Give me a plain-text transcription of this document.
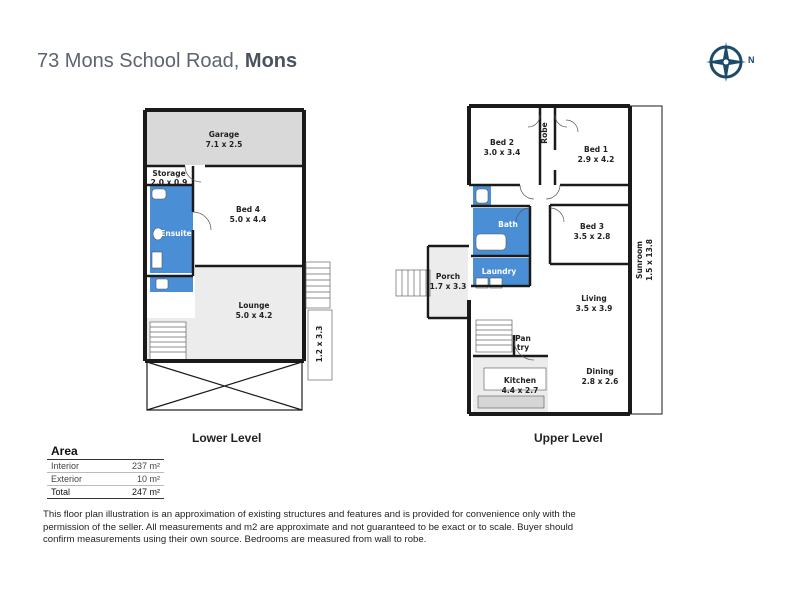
73 Mons School Road, Mons	N
Garage
7.1 x 2.5
Storage
2.0 x 0.9
Bed 4
5.0 x 4.4
Ensuite
Lounge
5.0 x 4.2
1.2 x 3.3
Bed 2
3.0 x 3.4
Robe
Bed 1
2.9 x 4.2
Bath	Bed 3
3.5 x 2.8
Laundry
Porch
1.7 x 3.3
Sunroom 1.5 x 13.8
Living
3.5 x 3.9
Pan
try
Kitchen
4.4 x 2.7
Dining
2.8 x 2.6
Lower Level	Upper Level
Area
Interior	237 m²
Exterior	10 m²
Total	247 m²
This floor plan illustration is an approximation of existing structures and features and is provided for convenience only with the permission of the seller. All measurements and m2 are approximate and not guaranteed to be exact or to scale. Buyer should confirm measurements using their own source. Bedrooms are measured from wall to robe.
